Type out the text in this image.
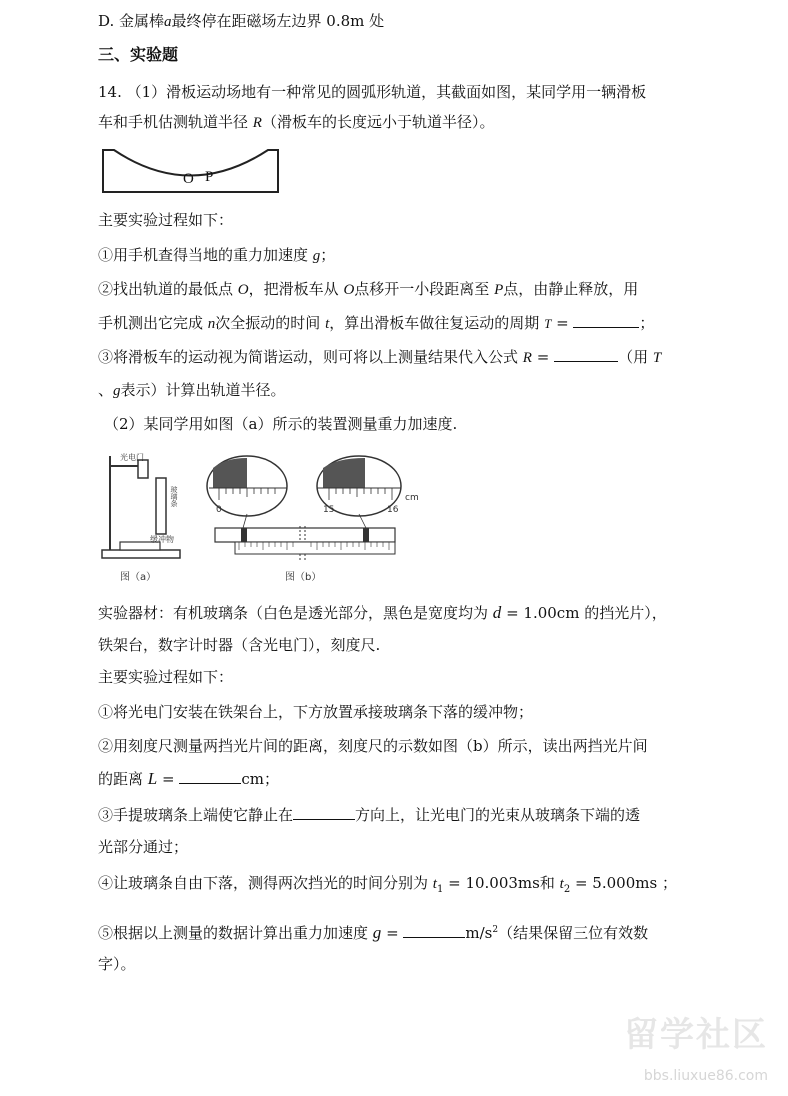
D. 金属棒a最终停在距磁场左边界 0.8m 处
三、实验题
14. （1）滑板运动场地有一种常见的圆弧形轨道，其截面如图，某同学用一辆滑板
车和手机估测轨道半径 R（滑板车的长度远小于轨道半径）。
O P
主要实验过程如下：
①用手机查得当地的重力加速度 g；
②找出轨道的最低点 O，把滑板车从 O点移开一小段距离至 P点，由静止释放，用
手机测出它完成 n次全振动的时间 t，算出滑板车做往复运动的周期 T =	；
③将滑板车的运动视为简谐运动，则可将以上测量结果代入公式 R =	（用 T
、g表示）计算出轨道半径。
（2）某同学用如图（a）所示的装置测量重力加速度.
光电门
玻璃条
缓冲物
图（a）
0	15	16
cm
图（b）
实验器材：有机玻璃条（白色是透光部分，黑色是宽度均为 d = 1.00cm 的挡光片），
铁架台，数字计时器（含光电门），刻度尺.
主要实验过程如下：
①将光电门安装在铁架台上，下方放置承接玻璃条下落的缓冲物；
②用刻度尺测量两挡光片间的距离，刻度尺的示数如图（b）所示，读出两挡光片间
的距离 L =	cm；
③手提玻璃条上端使它静止在	方向上，让光电门的光束从玻璃条下端的透
光部分通过；
④让玻璃条自由下落，测得两次挡光的时间分别为 $t_1 = 10.003ms$和 $t_2 = 5.000ms$ ；
⑤根据以上测量的数据计算出重力加速度 g =	$m/s^2$（结果保留三位有效数
字）。
留学社区
bbs.liuxue86.com
